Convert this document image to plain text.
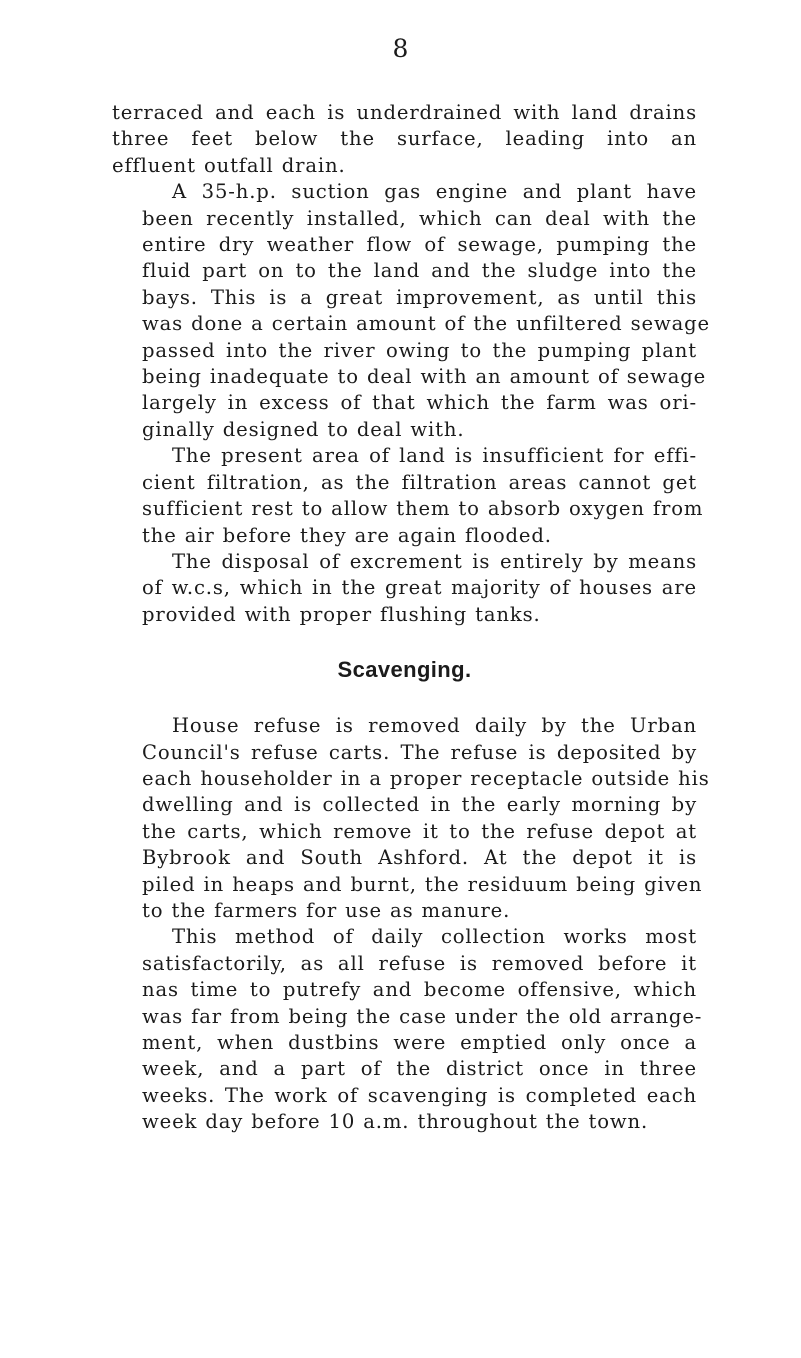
8
terraced and each is underdrained with land drains
three feet below the surface, leading into an
effluent outfall drain.
A 35-h.p. suction gas engine and plant have
been recently installed, which can deal with the
entire dry weather flow of sewage, pumping the
fluid part on to the land and the sludge into the
bays. This is a great improvement, as until this
was done a certain amount of the unfiltered sewage
passed into the river owing to the pumping plant
being inadequate to deal with an amount of sewage
largely in excess of that which the farm was ori-
ginally designed to deal with.
The present area of land is insufficient for effi-
cient filtration, as the filtration areas cannot get
sufficient rest to allow them to absorb oxygen from
the air before they are again flooded.
The disposal of excrement is entirely by means
of w.c.s, which in the great majority of houses are
provided with proper flushing tanks.
Scavenging.
House refuse is removed daily by the Urban
Council's refuse carts. The refuse is deposited by
each householder in a proper receptacle outside his
dwelling and is collected in the early morning by
the carts, which remove it to the refuse depot at
Bybrook and South Ashford. At the depot it is
piled in heaps and burnt, the residuum being given
to the farmers for use as manure.
This method of daily collection works most
satisfactorily, as all refuse is removed before it
nas time to putrefy and become offensive, which
was far from being the case under the old arrange-
ment, when dustbins were emptied only once a
week, and a part of the district once in three
weeks. The work of scavenging is completed each
week day before 10 a.m. throughout the town.
